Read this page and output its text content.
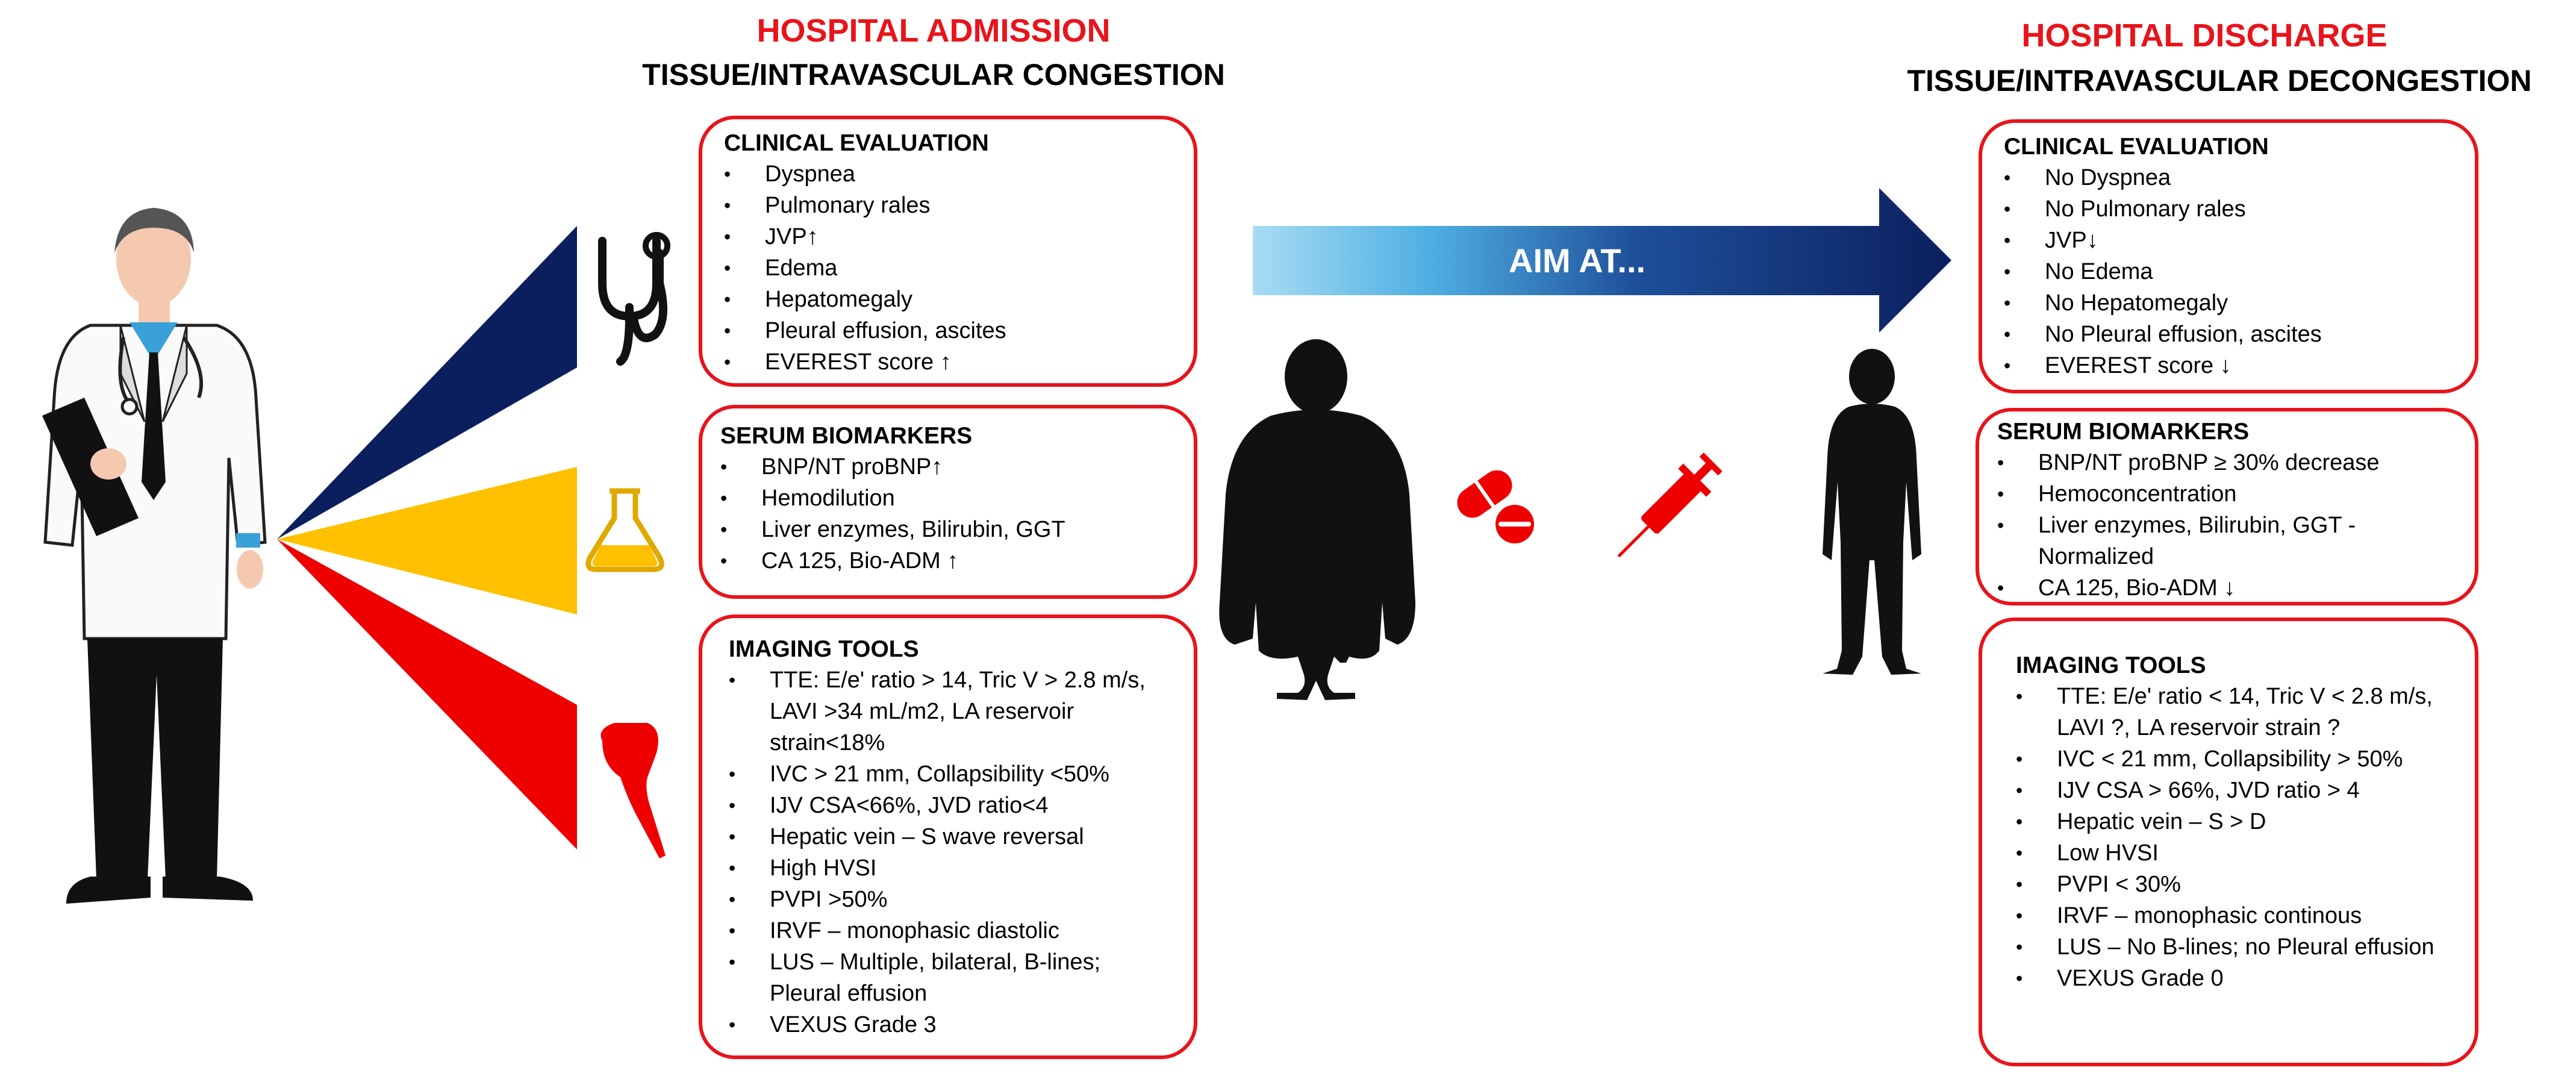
HOSPITAL ADMISSION
TISSUE/INTRAVASCULAR CONGESTION
HOSPITAL DISCHARGE
TISSUE/INTRAVASCULAR DECONGESTION
AIM AT...
CLINICAL EVALUATION
• Dyspnea
• Pulmonary rales
• JVP↑
• Edema
• Hepatomegaly
• Pleural effusion, ascites
• EVEREST score ↑
SERUM BIOMARKERS
• BNP/NT proBNP↑
• Hemodilution
• Liver enzymes, Bilirubin, GGT
• CA 125, Bio-ADM ↑
IMAGING TOOLS
• TTE: E/e' ratio > 14, Tric V > 2.8 m/s, LAVI >34 mL/m2, LA reservoir strain<18%
• IVC > 21 mm, Collapsibility <50%
• IJV CSA<66%, JVD ratio<4
• Hepatic vein – S wave reversal
• High HVSI
• PVPI >50%
• IRVF – monophasic diastolic
• LUS – Multiple, bilateral, B-lines; Pleural effusion
• VEXUS Grade 3
CLINICAL EVALUATION
• No Dyspnea
• No Pulmonary rales
• JVP↓
• No Edema
• No Hepatomegaly
• No Pleural effusion, ascites
• EVEREST score ↓
SERUM BIOMARKERS
• BNP/NT proBNP ≥ 30% decrease
• Hemoconcentration
• Liver enzymes, Bilirubin, GGT - Normalized
• CA 125, Bio-ADM ↓
IMAGING TOOLS
• TTE: E/e' ratio < 14, Tric V < 2.8 m/s, LAVI ?, LA reservoir strain ?
• IVC < 21 mm, Collapsibility > 50%
• IJV CSA > 66%, JVD ratio > 4
• Hepatic vein – S > D
• Low HVSI
• PVPI < 30%
• IRVF – monophasic continous
• LUS – No B-lines; no Pleural effusion
• VEXUS Grade 0
